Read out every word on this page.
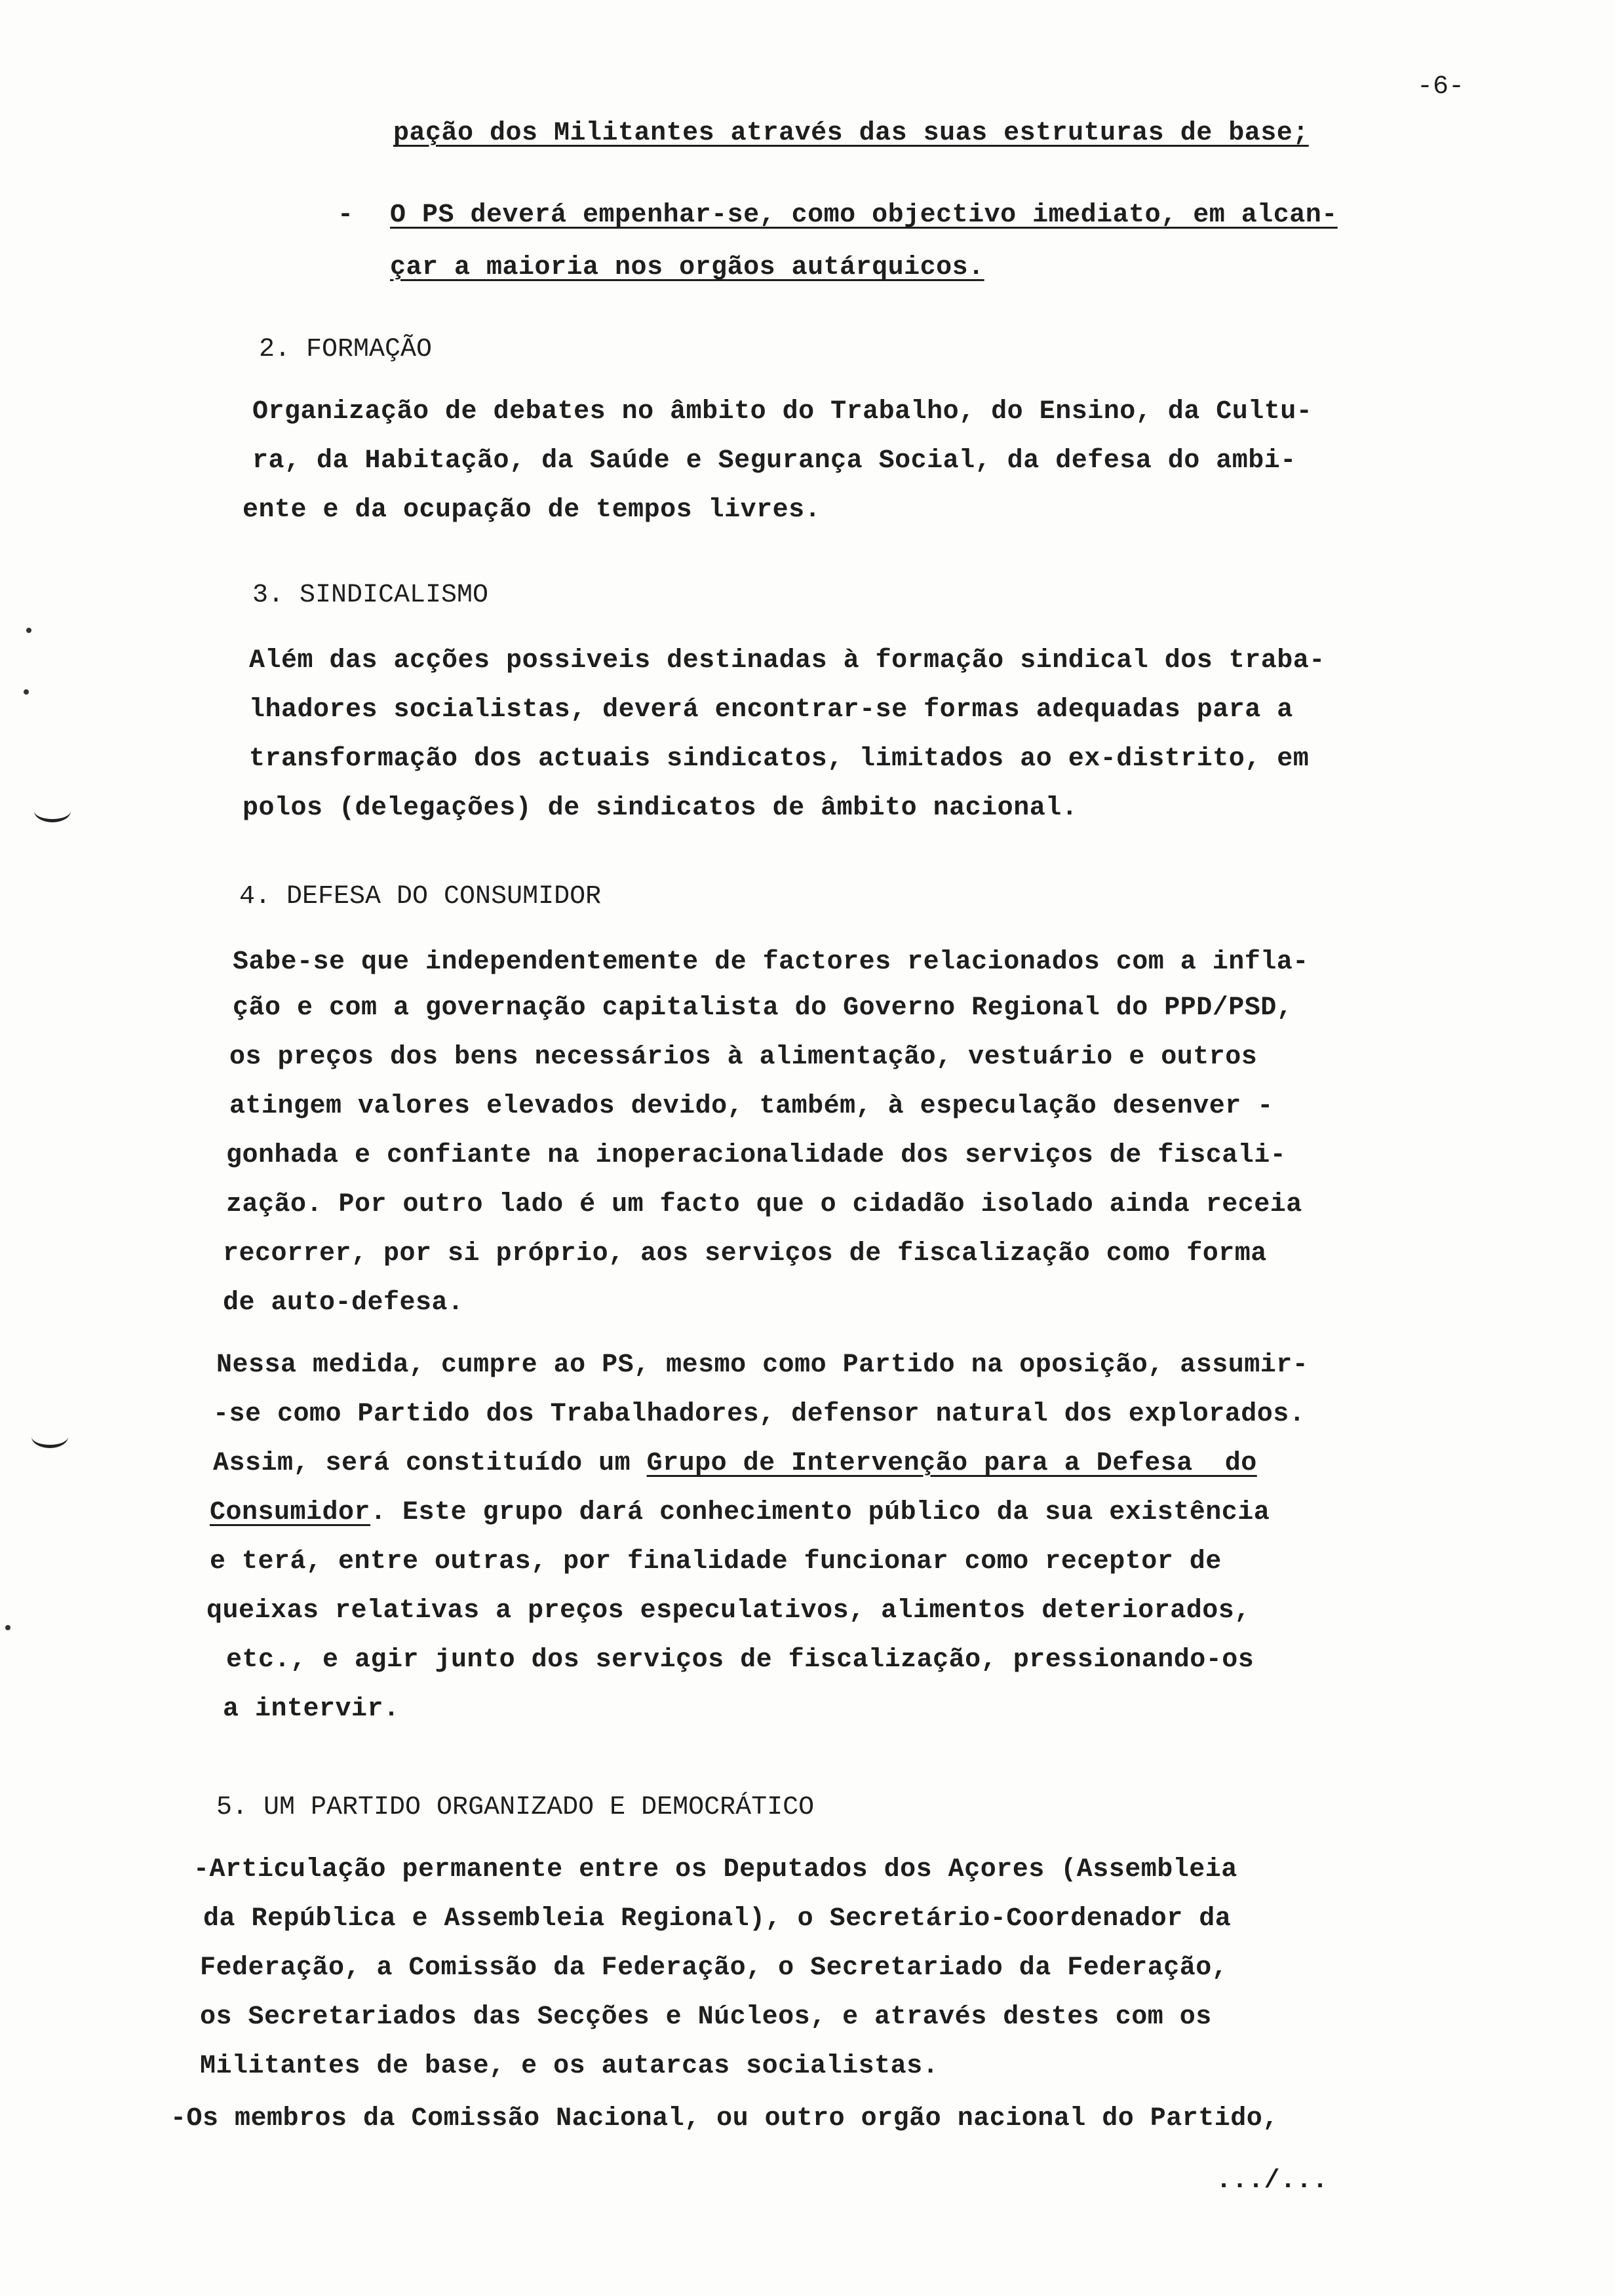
-6-
pação dos Militantes através das suas estruturas de base;
- O PS deverá empenhar-se, como objectivo imediato, em alcan-
çar a maioria nos orgãos autárquicos.
2. FORMAÇÃO
Organização de debates no âmbito do Trabalho, do Ensino, da Cultu-
ra, da Habitação, da Saúde e Segurança Social, da defesa do ambi-
ente e da ocupação de tempos livres.
3. SINDICALISMO
Além das acções possiveis destinadas à formação sindical dos traba-
lhadores socialistas, deverá encontrar-se formas adequadas para a
transformação dos actuais sindicatos, limitados ao ex-distrito, em
polos (delegações) de sindicatos de âmbito nacional.
4. DEFESA DO CONSUMIDOR
Sabe-se que independentemente de factores relacionados com a infla-
ção e com a governação capitalista do Governo Regional do PPD/PSD,
os preços dos bens necessários à alimentação, vestuário e outros
atingem valores elevados devido, também, à especulação desenver -
gonhada e confiante na inoperacionalidade dos serviços de fiscali-
zação. Por outro lado é um facto que o cidadão isolado ainda receia
recorrer, por si próprio, aos serviços de fiscalização como forma
de auto-defesa.
Nessa medida, cumpre ao PS, mesmo como Partido na oposição, assumir-
-se como Partido dos Trabalhadores, defensor natural dos explorados.
Assim, será constituído um Grupo de Intervenção para a Defesa  do
Consumidor. Este grupo dará conhecimento público da sua existência
e terá, entre outras, por finalidade funcionar como receptor de
queixas relativas a preços especulativos, alimentos deteriorados,
etc., e agir junto dos serviços de fiscalização, pressionando-os
a intervir.
5. UM PARTIDO ORGANIZADO E DEMOCRÁTICO
-Articulação permanente entre os Deputados dos Açores (Assembleia
da República e Assembleia Regional), o Secretário-Coordenador da
Federação, a Comissão da Federação, o Secretariado da Federação,
os Secretariados das Secções e Núcleos, e através destes com os
Militantes de base, e os autarcas socialistas.
-Os membros da Comissão Nacional, ou outro orgão nacional do Partido,
.../...
